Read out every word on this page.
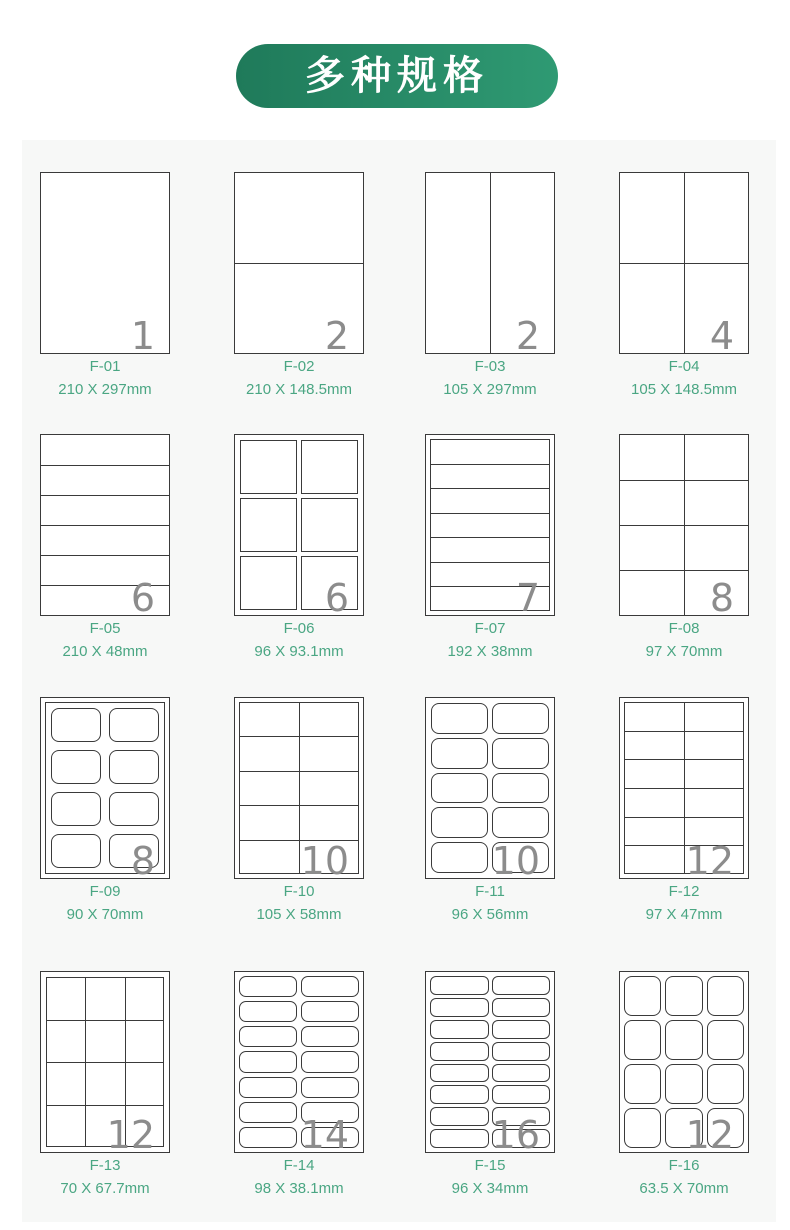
多种规格
1
F-01
210 X 297mm
2
F-02
210 X 148.5mm
2
F-03
105 X 297mm
4
F-04
105 X 148.5mm
6
F-05
210 X 48mm
6
F-06
96 X 93.1mm
7
F-07
192 X 38mm
8
F-08
97 X 70mm
8
F-09
90 X 70mm
10
F-10
105 X 58mm
10
F-11
96 X 56mm
12
F-12
97 X 47mm
12
F-13
70 X 67.7mm
14
F-14
98 X 38.1mm
16
F-15
96 X 34mm
12
F-16
63.5 X 70mm
